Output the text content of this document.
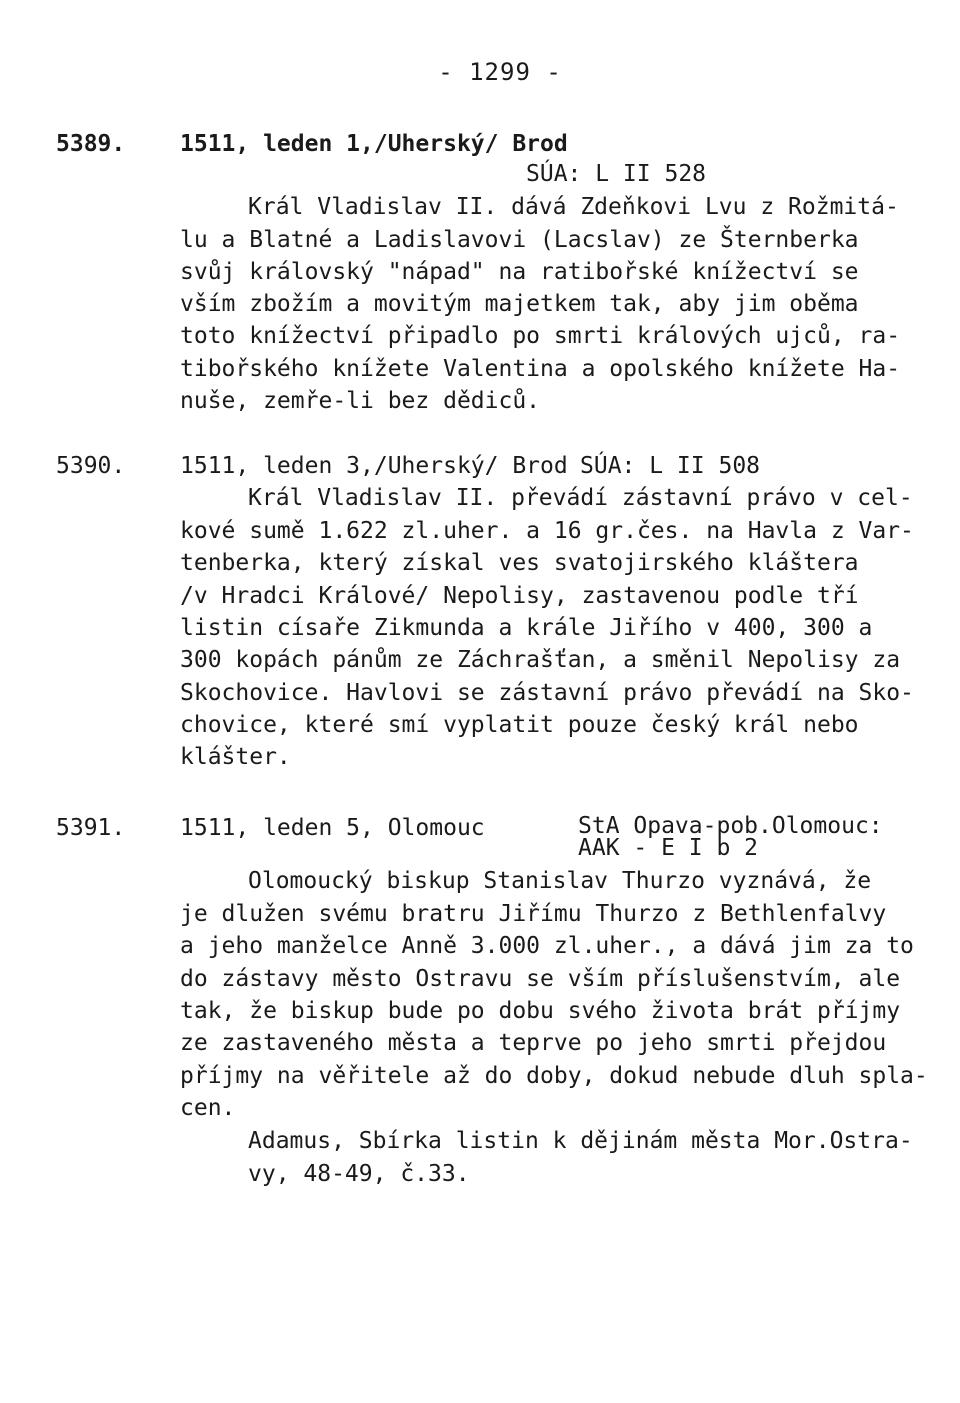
- 1299 -
5389. 1511, leden 1,/Uherský/ Brod
SÚA: L II 528
Král Vladislav II. dává Zdeňkovi Lvu z Rožmitá-
lu a Blatné a Ladislavovi (Lacslav) ze Šternberka
svůj královský "nápad" na ratibořské knížectví se
vším zbožím a movitým majetkem tak, aby jim oběma
toto knížectví připadlo po smrti králových ujců, ra-
tibořského knížete Valentina a opolského knížete Ha-
nuše, zemře-li bez dědiců.
5390. 1511, leden 3,/Uherský/ Brod SÚA: L II 508
Král Vladislav II. převádí zástavní právo v cel-
kové sumě 1.622 zl.uher. a 16 gr.čes. na Havla z Var-
tenberka, který získal ves svatojirského kláštera
/v Hradci Králové/ Nepolisy, zastavenou podle tří
listin císaře Zikmunda a krále Jiřího v 400, 300 a
300 kopách pánům ze Záchrašťan, a směnil Nepolisy za
Skochovice. Havlovi se zástavní právo převádí na Sko-
chovice, které smí vyplatit pouze český král nebo
klášter.
5391. 1511, leden 5, Olomouc	StA Opava-pob.Olomouc:
AAK - E I b 2
Olomoucký biskup Stanislav Thurzo vyznává, že
je dlužen svému bratru Jiřímu Thurzo z Bethlenfalvy
a jeho manželce Anně 3.000 zl.uher., a dává jim za to
do zástavy město Ostravu se vším příslušenstvím, ale
tak, že biskup bude po dobu svého života brát příjmy
ze zastaveného města a teprve po jeho smrti přejdou
příjmy na věřitele až do doby, dokud nebude dluh spla-
cen.
Adamus, Sbírka listin k dějinám města Mor.Ostra-
vy, 48-49, č.33.
